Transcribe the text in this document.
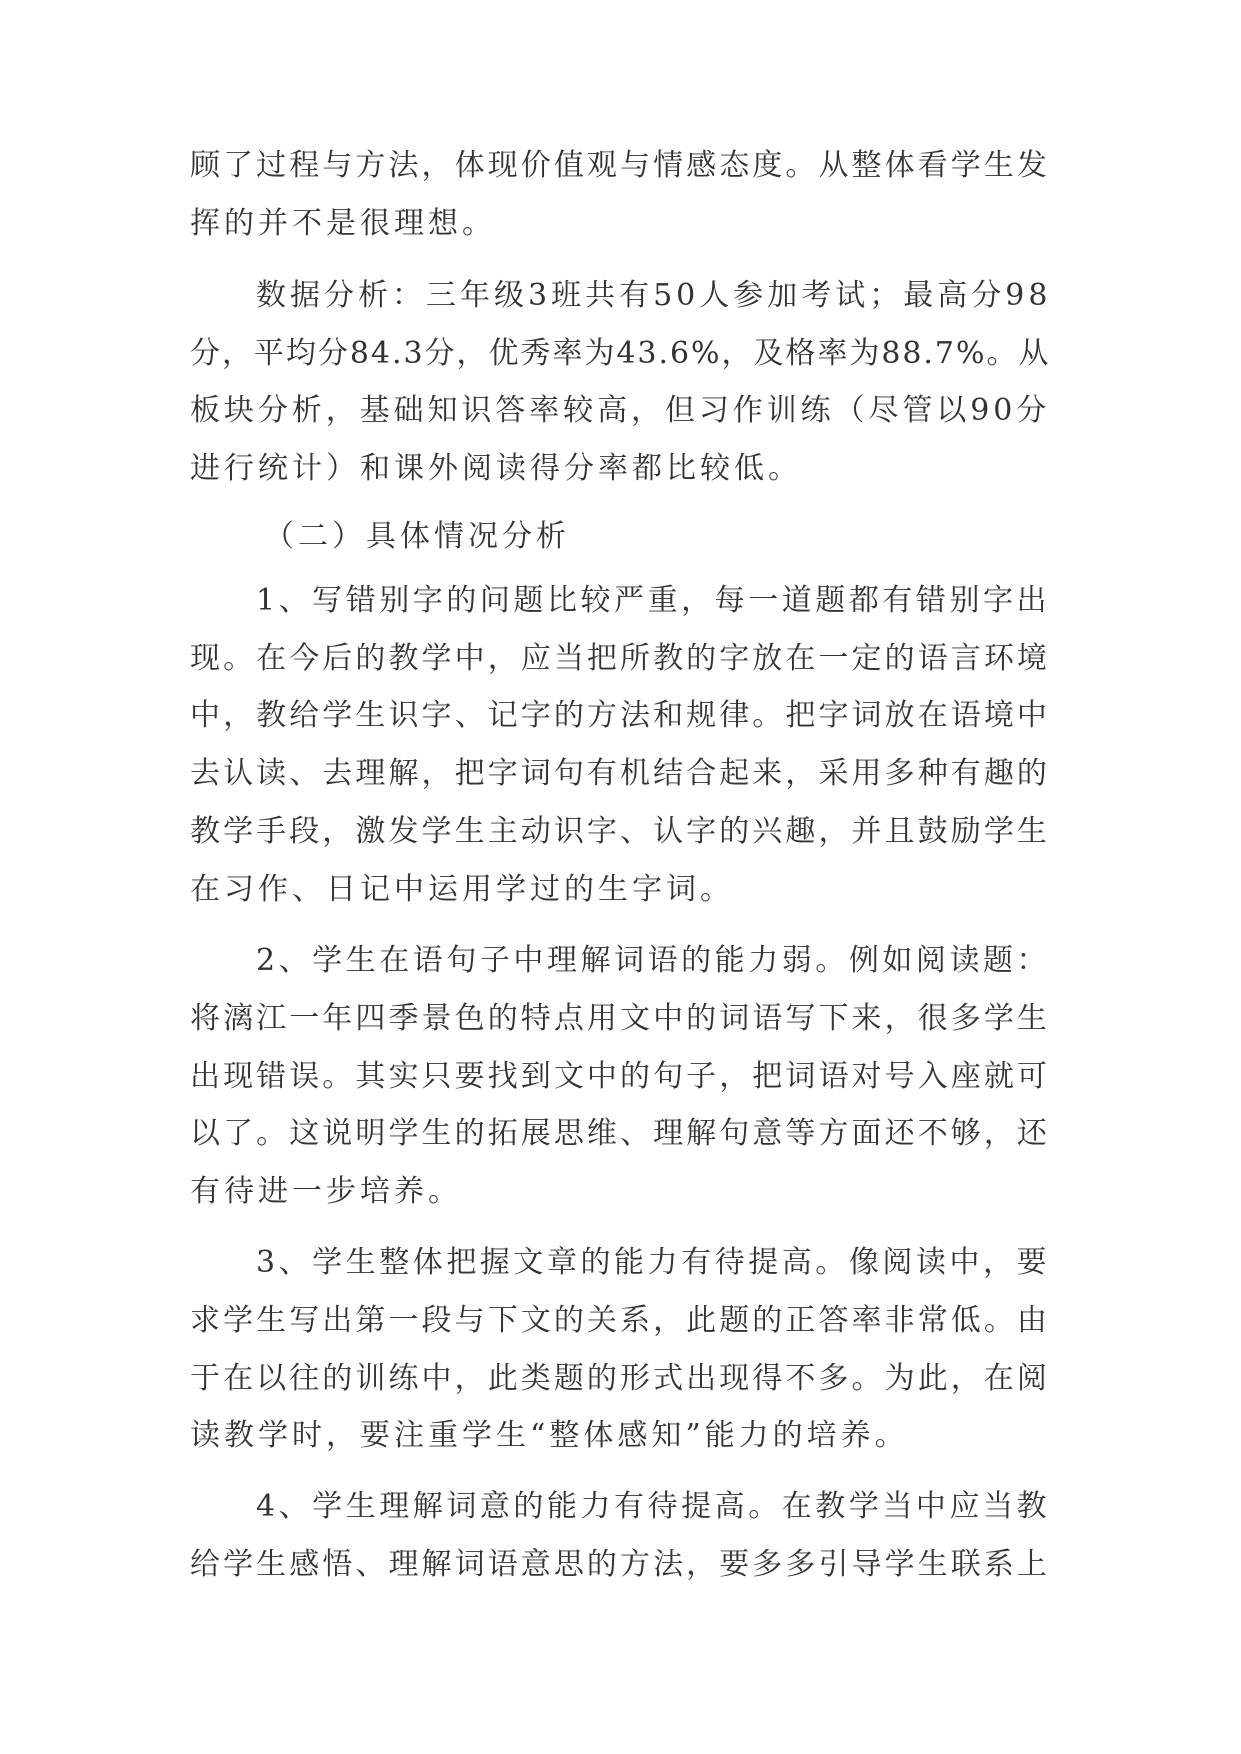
顾了过程与方法，体现价值观与情感态度。从整体看学生发
挥的并不是很理想。
数据分析：三年级3班共有50人参加考试；最高分98
分，平均分84.3分，优秀率为43.6%，及格率为88.7%。从
板块分析，基础知识答率较高，但习作训练（尽管以90分
进行统计）和课外阅读得分率都比较低。
（二）具体情况分析
1、写错别字的问题比较严重，每一道题都有错别字出
现。在今后的教学中，应当把所教的字放在一定的语言环境
中，教给学生识字、记字的方法和规律。把字词放在语境中
去认读、去理解，把字词句有机结合起来，采用多种有趣的
教学手段，激发学生主动识字、认字的兴趣，并且鼓励学生
在习作、日记中运用学过的生字词。
2、学生在语句子中理解词语的能力弱。例如阅读题：
将漓江一年四季景色的特点用文中的词语写下来，很多学生
出现错误。其实只要找到文中的句子，把词语对号入座就可
以了。这说明学生的拓展思维、理解句意等方面还不够，还
有待进一步培养。
3、学生整体把握文章的能力有待提高。像阅读中，要
求学生写出第一段与下文的关系，此题的正答率非常低。由
于在以往的训练中，此类题的形式出现得不多。为此，在阅
读教学时，要注重学生“整体感知”能力的培养。
4、学生理解词意的能力有待提高。在教学当中应当教
给学生感悟、理解词语意思的方法，要多多引导学生联系上
